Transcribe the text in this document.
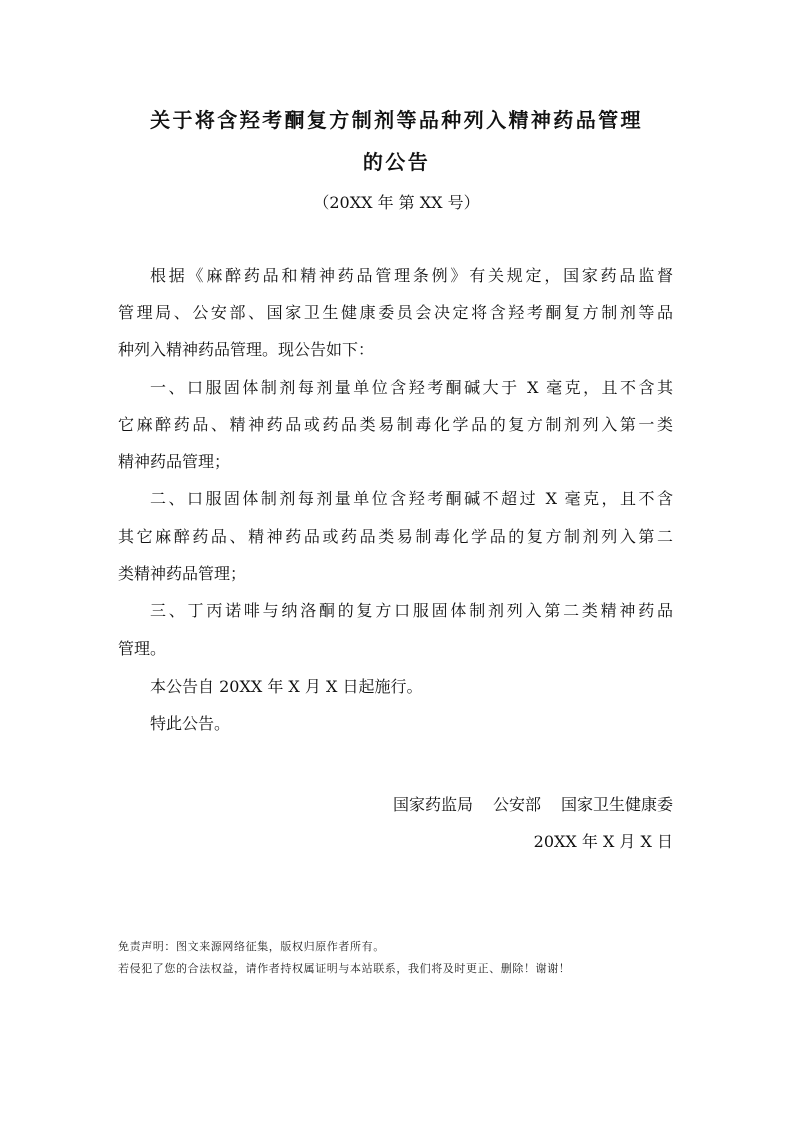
关于将含羟考酮复方制剂等品种列入精神药品管理
的公告
（20XX 年 第 XX 号）
根据《麻醉药品和精神药品管理条例》有关规定，国家药品监督
管理局、公安部、国家卫生健康委员会决定将含羟考酮复方制剂等品
种列入精神药品管理。现公告如下：
一、口服固体制剂每剂量单位含羟考酮碱大于 X 毫克，且不含其
它麻醉药品、精神药品或药品类易制毒化学品的复方制剂列入第一类
精神药品管理；
二、口服固体制剂每剂量单位含羟考酮碱不超过 X 毫克，且不含
其它麻醉药品、精神药品或药品类易制毒化学品的复方制剂列入第二
类精神药品管理；
三、丁丙诺啡与纳洛酮的复方口服固体制剂列入第二类精神药品
管理。
本公告自 20XX 年 X 月 X 日起施行。
特此公告。
国家药监局 公安部 国家卫生健康委
20XX 年 X 月 X 日
免责声明：图文来源网络征集，版权归原作者所有。
若侵犯了您的合法权益，请作者持权属证明与本站联系，我们将及时更正、删除！谢谢！
